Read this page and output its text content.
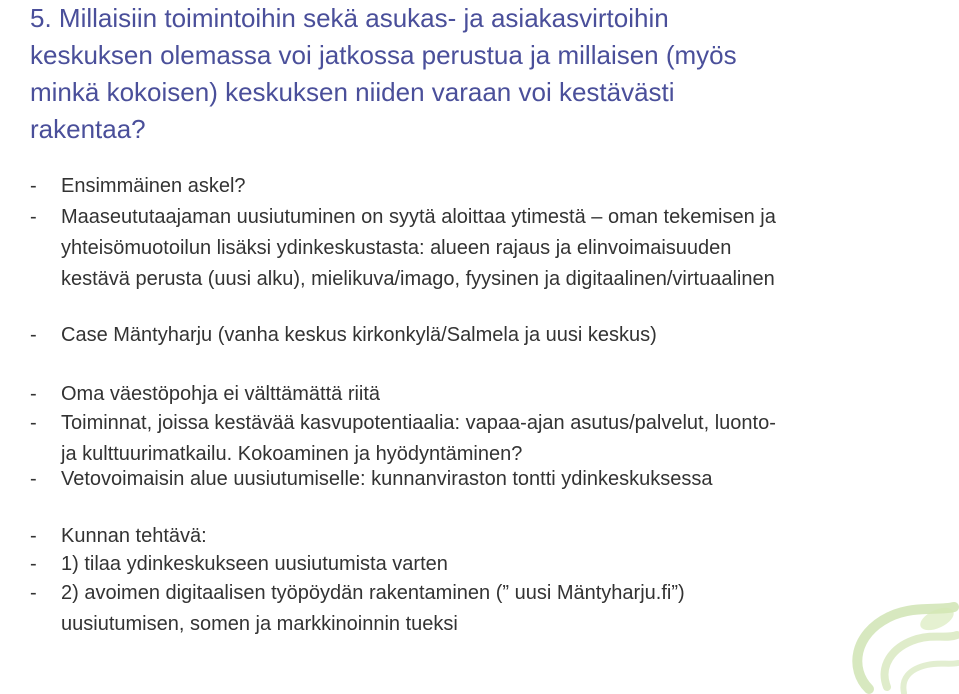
5. Millaisiin toimintoihin sekä asukas- ja asiakasvirtoihin
keskuksen olemassa voi jatkossa perustua ja millaisen (myös
minkä kokoisen) keskuksen niiden varaan voi kestävästi
rakentaa?
-	Ensimmäinen askel?
-	Maaseututaajaman uusiutuminen on syytä aloittaa ytimestä – oman tekemisen ja
yhteisömuotoilun lisäksi ydinkeskustasta: alueen rajaus ja elinvoimaisuuden
kestävä perusta (uusi alku), mielikuva/imago, fyysinen ja digitaalinen/virtuaalinen
-	Case Mäntyharju (vanha keskus kirkonkylä/Salmela ja uusi keskus)
-	Oma väestöpohja ei välttämättä riitä
-	Toiminnat, joissa kestävää kasvupotentiaalia: vapaa-ajan asutus/palvelut, luonto-
ja kulttuurimatkailu. Kokoaminen ja hyödyntäminen?
-	Vetovoimaisin alue uusiutumiselle: kunnanviraston tontti ydinkeskuksessa
-	Kunnan tehtävä:
-	1) tilaa ydinkeskukseen uusiutumista varten
-	2) avoimen digitaalisen työpöydän rakentaminen (” uusi Mäntyharju.fi”)
uusiutumisen, somen ja markkinoinnin tueksi
